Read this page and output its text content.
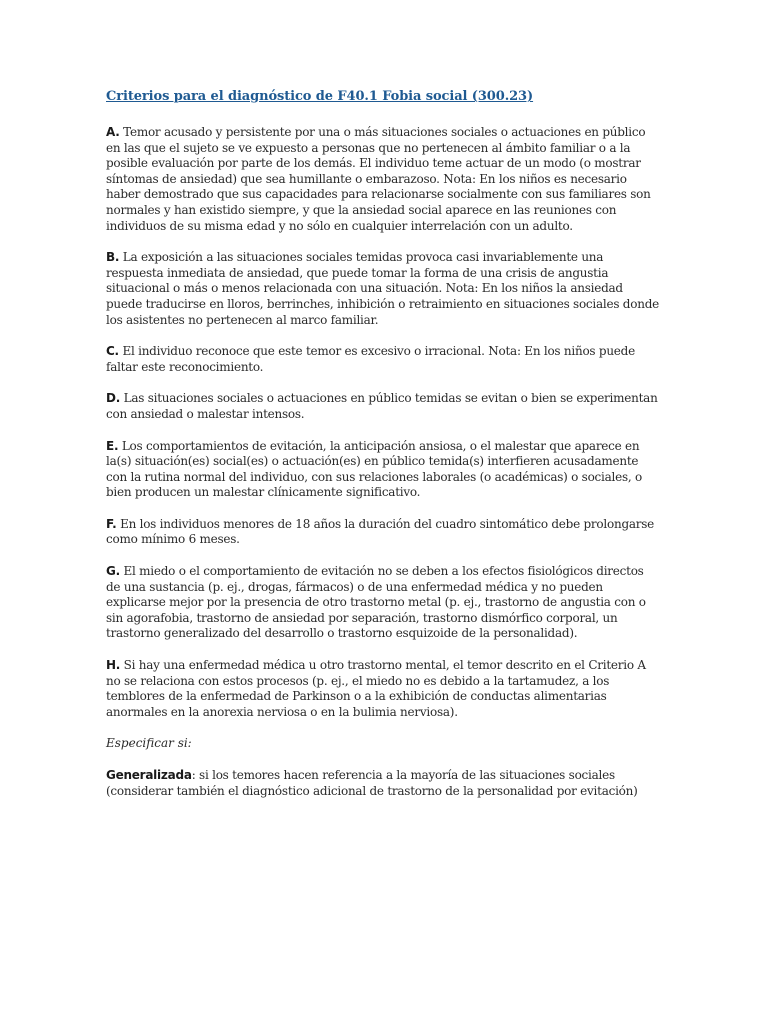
Criterios para el diagnóstico de F40.1 Fobia social (300.23)

A. Temor acusado y persistente por una o más situaciones sociales o actuaciones en público en las que el sujeto se ve expuesto a personas que no pertenecen al ámbito familiar o a la posible evaluación por parte de los demás. El individuo teme actuar de un modo (o mostrar síntomas de ansiedad) que sea humillante o embarazoso. Nota: En los niños es necesario haber demostrado que sus capacidades para relacionarse socialmente con sus familiares son normales y han existido siempre, y que la ansiedad social aparece en las reuniones con individuos de su misma edad y no sólo en cualquier interrelación con un adulto.

B. La exposición a las situaciones sociales temidas provoca casi invariablemente una respuesta inmediata de ansiedad, que puede tomar la forma de una crisis de angustia situacional o más o menos relacionada con una situación. Nota: En los niños la ansiedad puede traducirse en lloros, berrinches, inhibición o retraimiento en situaciones sociales donde los asistentes no pertenecen al marco familiar.

C. El individuo reconoce que este temor es excesivo o irracional. Nota: En los niños puede faltar este reconocimiento.

D. Las situaciones sociales o actuaciones en público temidas se evitan o bien se experimentan con ansiedad o malestar intensos.

E. Los comportamientos de evitación, la anticipación ansiosa, o el malestar que aparece en la(s) situación(es) social(es) o actuación(es) en público temida(s) interfieren acusadamente con la rutina normal del individuo, con sus relaciones laborales (o académicas) o sociales, o bien producen un malestar clínicamente significativo.

F. En los individuos menores de 18 años la duración del cuadro sintomático debe prolongarse como mínimo 6 meses.

G. El miedo o el comportamiento de evitación no se deben a los efectos fisiológicos directos de una sustancia (p. ej., drogas, fármacos) o de una enfermedad médica y no pueden explicarse mejor por la presencia de otro trastorno metal (p. ej., trastorno de angustia con o sin agorafobia, trastorno de ansiedad por separación, trastorno dismórfico corporal, un trastorno generalizado del desarrollo o trastorno esquizoide de la personalidad).

H. Si hay una enfermedad médica u otro trastorno mental, el temor descrito en el Criterio A no se relaciona con estos procesos (p. ej., el miedo no es debido a la tartamudez, a los temblores de la enfermedad de Parkinson o a la exhibición de conductas alimentarias anormales en la anorexia nerviosa o en la bulimia nerviosa).

Especificar si:

Generalizada: si los temores hacen referencia a la mayoría de las situaciones sociales (considerar también el diagnóstico adicional de trastorno de la personalidad por evitación)
